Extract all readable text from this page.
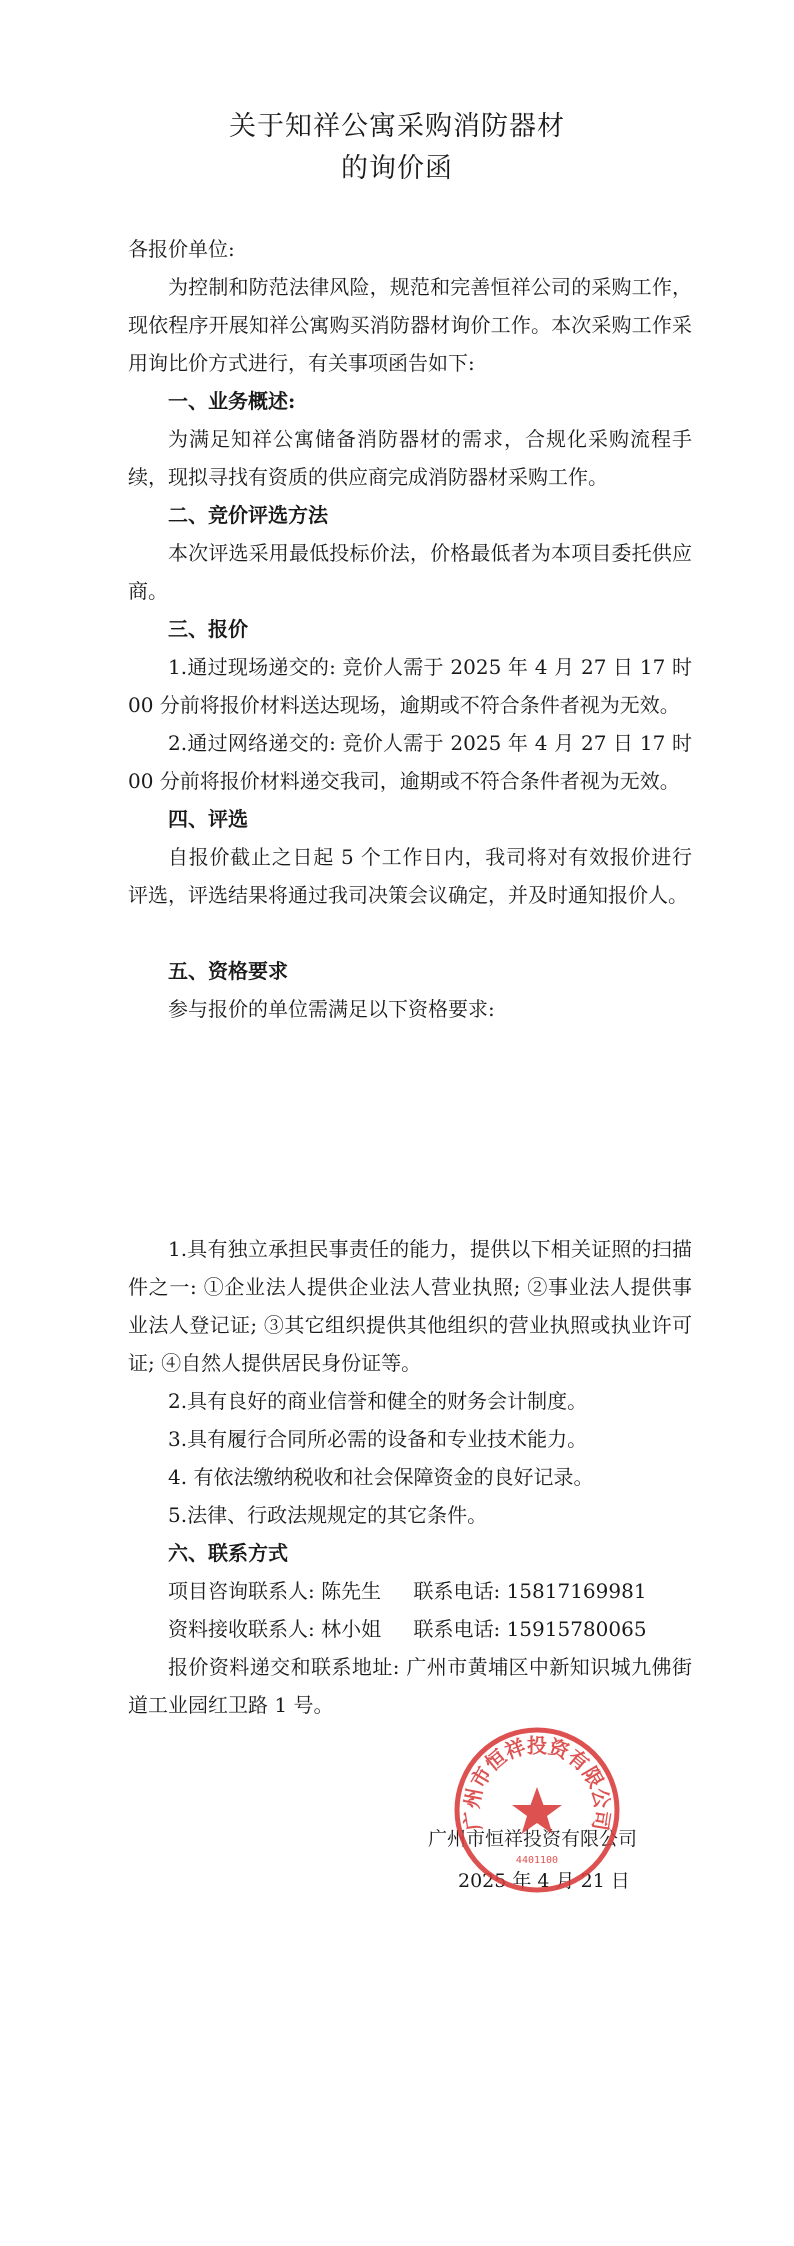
关于知祥公寓采购消防器材
的询价函
各报价单位:

为控制和防范法律风险，规范和完善恒祥公司的采购工作，现依程序开展知祥公寓购买消防器材询价工作。本次采购工作采用询比价方式进行，有关事项函告如下:

一、业务概述:

为满足知祥公寓储备消防器材的需求，合规化采购流程手续，现拟寻找有资质的供应商完成消防器材采购工作。

二、竞价评选方法

本次评选采用最低投标价法，价格最低者为本项目委托供应商。

三、报价

1.通过现场递交的: 竞价人需于 2025 年 4 月 27 日 17 时 00 分前将报价材料送达现场，逾期或不符合条件者视为无效。

2.通过网络递交的: 竞价人需于 2025 年 4 月 27 日 17 时 00 分前将报价材料递交我司，逾期或不符合条件者视为无效。

四、评选

自报价截止之日起 5 个工作日内，我司将对有效报价进行评选，评选结果将通过我司决策会议确定，并及时通知报价人。

五、资格要求

参与报价的单位需满足以下资格要求:

1.具有独立承担民事责任的能力，提供以下相关证照的扫描件之一: ①企业法人提供企业法人营业执照; ②事业法人提供事业法人登记证; ③其它组织提供其他组织的营业执照或执业许可证; ④自然人提供居民身份证等。

2.具有良好的商业信誉和健全的财务会计制度。

3.具有履行合同所必需的设备和专业技术能力。

4. 有依法缴纳税收和社会保障资金的良好记录。

5.法律、行政法规规定的其它条件。

六、联系方式
项目咨询联系人: 陈先生 联系电话: 15817169981
资料接收联系人: 林小姐 联系电话: 15915780065

报价资料递交和联系地址: 广州市黄埔区中新知识城九佛街道工业园红卫路 1 号。

广州市恒祥投资有限公司
2025 年 4 月 21 日
广州市恒祥投资有限公司
4401100
